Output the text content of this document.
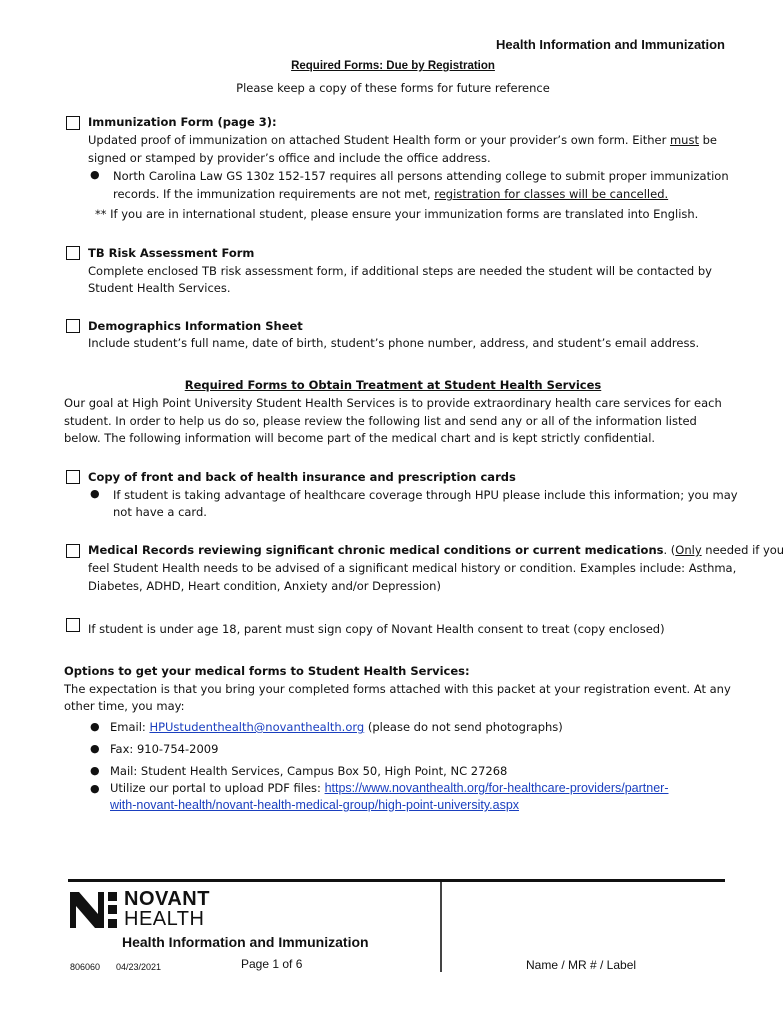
Health Information and Immunization
Required Forms: Due by Registration
Please keep a copy of these forms for future reference
Immunization Form (page 3):
Updated proof of immunization on attached Student Health form or your provider’s own form. Either must be
signed or stamped by provider’s office and include the office address.
● North Carolina Law GS 130z 152-157 requires all persons attending college to submit proper immunization
records. If the immunization requirements are not met, registration for classes will be cancelled.
** If you are in international student, please ensure your immunization forms are translated into English.
TB Risk Assessment Form
Complete enclosed TB risk assessment form, if additional steps are needed the student will be contacted by
Student Health Services.
Demographics Information Sheet
Include student’s full name, date of birth, student’s phone number, address, and student’s email address.
Required Forms to Obtain Treatment at Student Health Services
Our goal at High Point University Student Health Services is to provide extraordinary health care services for each
student. In order to help us do so, please review the following list and send any or all of the information listed
below. The following information will become part of the medical chart and is kept strictly confidential.
Copy of front and back of health insurance and prescription cards
● If student is taking advantage of healthcare coverage through HPU please include this information; you may
not have a card.
Medical Records reviewing significant chronic medical conditions or current medications. (Only needed if you
feel Student Health needs to be advised of a significant medical history or condition. Examples include: Asthma,
Diabetes, ADHD, Heart condition, Anxiety and/or Depression)
If student is under age 18, parent must sign copy of Novant Health consent to treat (copy enclosed)
Options to get your medical forms to Student Health Services:
The expectation is that you bring your completed forms attached with this packet at your registration event. At any
other time, you may:
● Email: HPUstudenthealth@novanthealth.org (please do not send photographs)
● Fax: 910-754-2009
● Mail: Student Health Services, Campus Box 50, High Point, NC 27268
● Utilize our portal to upload PDF files: https://www.novanthealth.org/for-healthcare-providers/partner-
with-novant-health/novant-health-medical-group/high-point-university.aspx
NOVANT
HEALTH
Health Information and Immunization
806060 04/23/2021	Page 1 of 6	Name / MR # / Label
